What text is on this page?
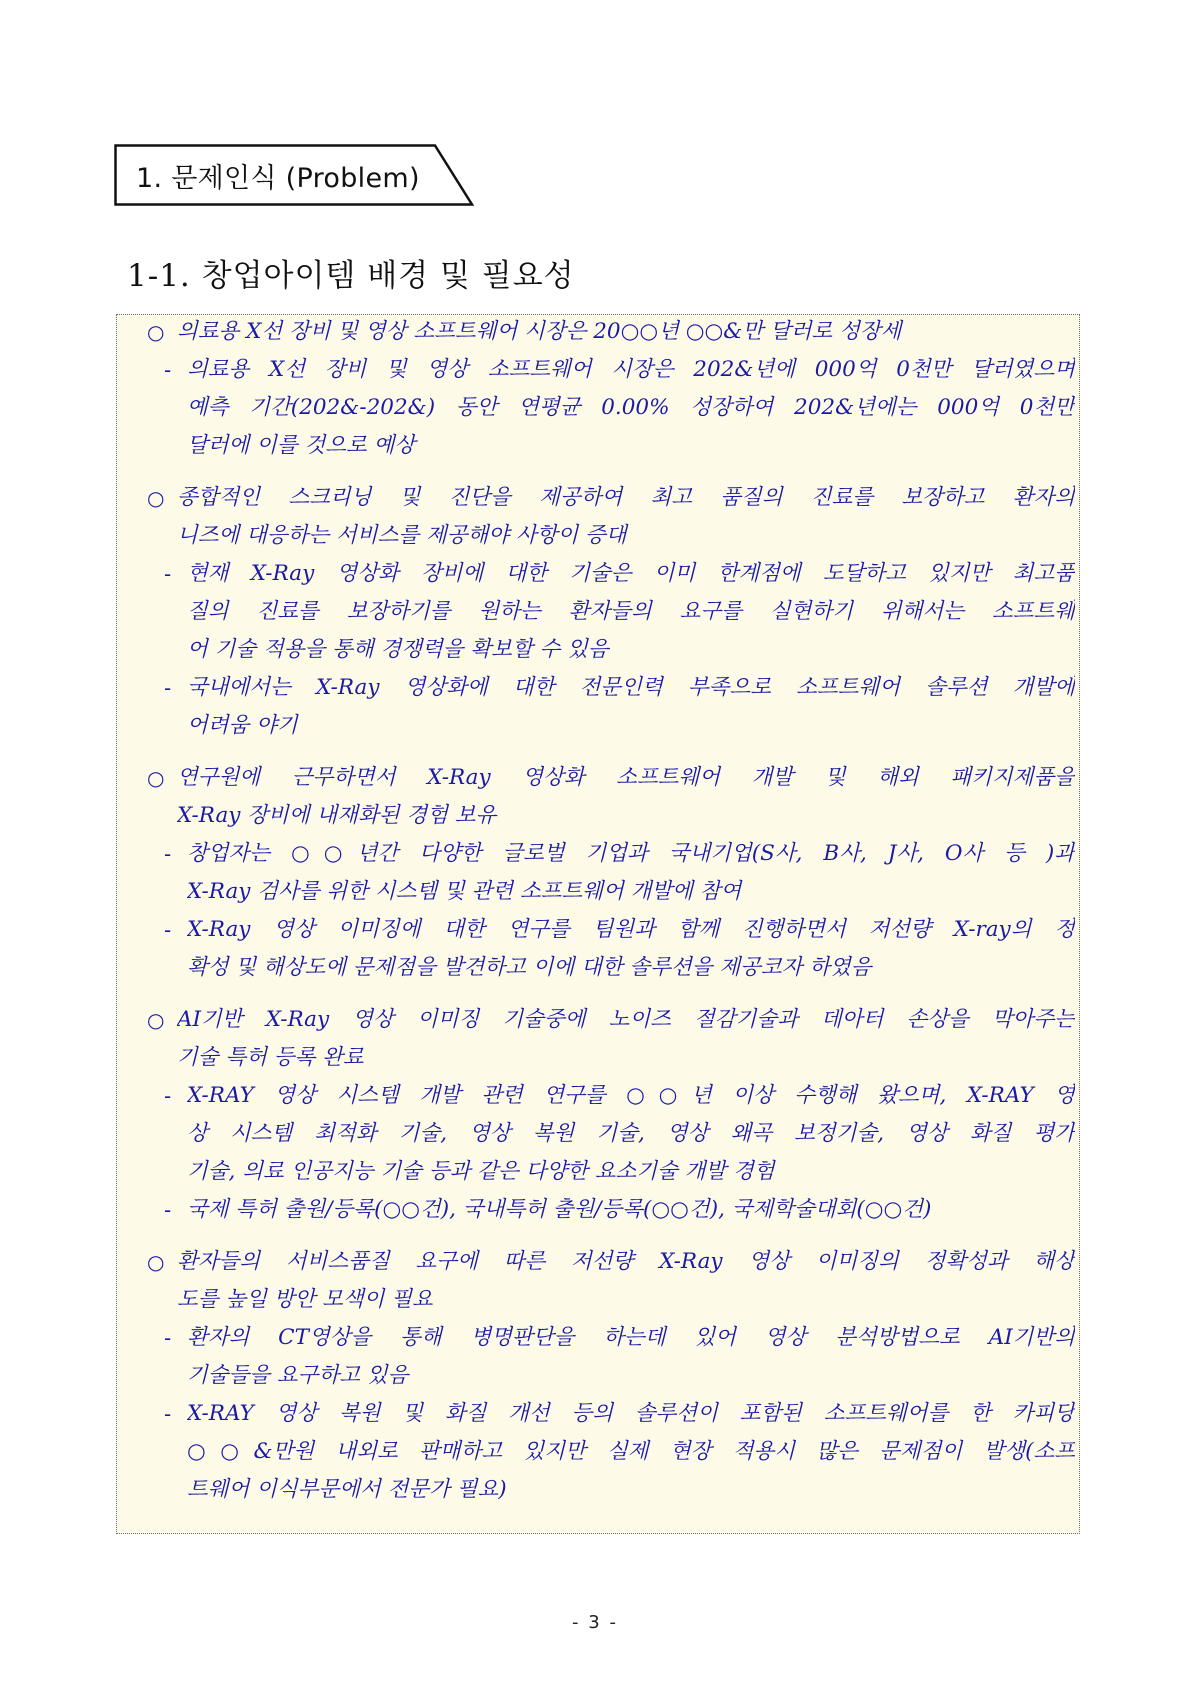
1. 문제인식 (Problem)
1-1. 창업아이템 배경 및 필요성
○ 의료용 X선 장비 및 영상 소프트웨어 시장은 20○○년 ○○&만 달러로 성장세
- 의료용 X선 장비 및 영상 소프트웨어 시장은 202&년에 000억 0천만 달러였으며
예측 기간(202&-202&) 동안 연평균 0.00% 성장하여 202&년에는 000억 0천만
달러에 이를 것으로 예상
○ 종합적인 스크리닝 및 진단을 제공하여 최고 품질의 진료를 보장하고 환자의
니즈에 대응하는 서비스를 제공해야 사항이 증대
- 현재 X-Ray 영상화 장비에 대한 기술은 이미 한계점에 도달하고 있지만 최고품
질의 진료를 보장하기를 원하는 환자들의 요구를 실현하기 위해서는 소프트웨
어 기술 적용을 통해 경쟁력을 확보할 수 있음
- 국내에서는 X-Ray 영상화에 대한 전문인력 부족으로 소프트웨어 솔루션 개발에
어려움 야기
○ 연구원에 근무하면서 X-Ray 영상화 소프트웨어 개발 및 해외 패키지제품을
X-Ray 장비에 내재화된 경험 보유
- 창업자는 ○○년간 다양한 글로벌 기업과 국내기업(S사, B사, J사, O사 등 )과
X-Ray 검사를 위한 시스템 및 관련 소프트웨어 개발에 참여
- X-Ray 영상 이미징에 대한 연구를 팀원과 함께 진행하면서 저선량 X-ray의 정
확성 및 해상도에 문제점을 발견하고 이에 대한 솔루션을 제공코자 하였음
○ AI기반 X-Ray 영상 이미징 기술중에 노이즈 절감기술과 데아터 손상을 막아주는
기술 특허 등록 완료
- X-RAY 영상 시스템 개발 관련 연구를 ○○년 이상 수행해 왔으며, X-RAY 영
상 시스템 최적화 기술, 영상 복원 기술, 영상 왜곡 보정기술, 영상 화질 평가
기술, 의료 인공지능 기술 등과 같은 다양한 요소기술 개발 경험
- 국제 특허 출원/등록(○○건), 국내특허 출원/등록(○○건), 국제학술대회(○○건)
○ 환자들의 서비스품질 요구에 따른 저선량 X-Ray 영상 이미징의 정확성과 해상
도를 높일 방안 모색이 필요
- 환자의 CT영상을 통해 병명판단을 하는데 있어 영상 분석방법으로 AI기반의
기술들을 요구하고 있음
- X-RAY 영상 복원 및 화질 개선 등의 솔루션이 포함된 소프트웨어를 한 카피당
○○&만원 내외로 판매하고 있지만 실제 현장 적용시 많은 문제점이 발생(소프
트웨어 이식부문에서 전문가 필요)
- 3 -
